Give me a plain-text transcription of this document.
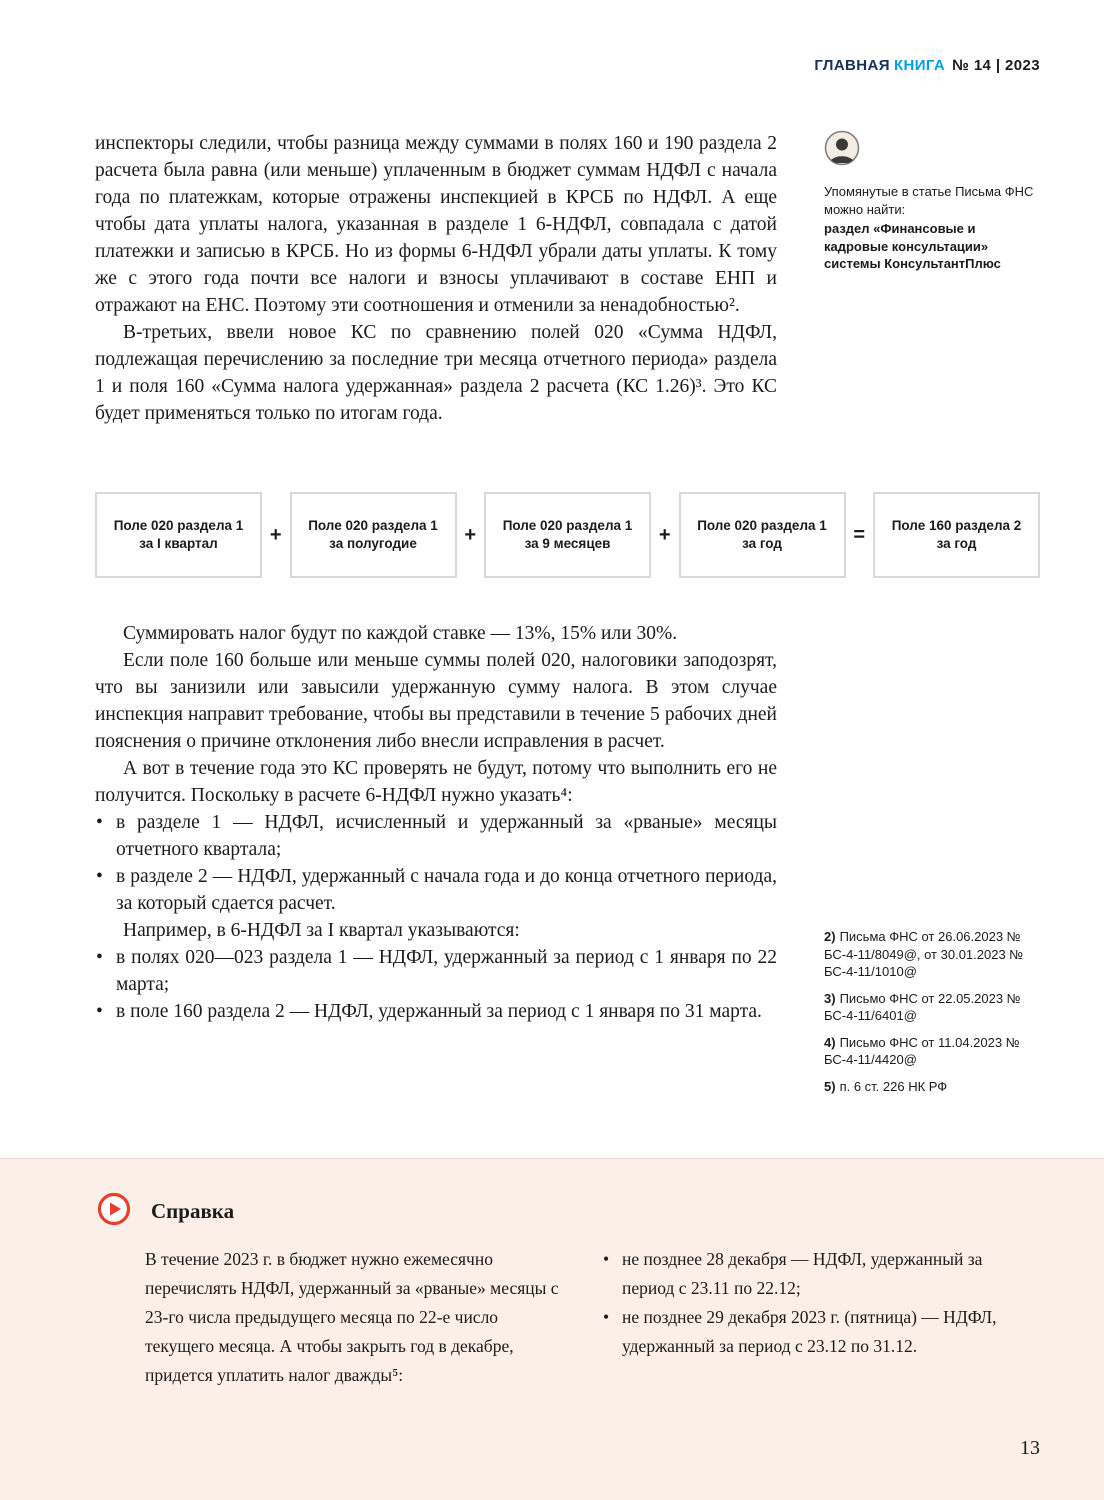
ГЛАВНАЯ КНИГА № 14 | 2023

инспекторы следили, чтобы разница между суммами в полях 160 и 190 раздела 2 расчета была равна (или меньше) уплаченным в бюджет суммам НДФЛ с начала года по платежкам, которые отражены инспекцией в КРСБ по НДФЛ. А еще чтобы дата уплаты налога, указанная в разделе 1 6-НДФЛ, совпадала с датой платежки и записью в КРСБ. Но из формы 6-НДФЛ убрали даты уплаты. К тому же с этого года почти все налоги и взносы уплачивают в составе ЕНП и отражают на ЕНС. Поэтому эти соотношения и отменили за ненадобностью².

В-третьих, ввели новое КС по сравнению полей 020 «Сумма НДФЛ, подлежащая перечислению за последние три месяца отчетного периода» раздела 1 и поля 160 «Сумма налога удержанная» раздела 2 расчета (КС 1.26)³. Это КС будет применяться только по итогам года.

Упомянутые в статье Письма ФНС можно найти:
раздел «Финансовые и кадровые консультации» системы КонсультантПлюс
Поле 020 раздела 1
за I квартал	+	Поле 020 раздела 1
за полугодие	+	Поле 020 раздела 1
за 9 месяцев	+	Поле 020 раздела 1
за год	=	Поле 160 раздела 2
за год

Суммировать налог будут по каждой ставке — 13%, 15% или 30%.

Если поле 160 больше или меньше суммы полей 020, налоговики заподозрят, что вы занизили или завысили удержанную сумму налога. В этом случае инспекция направит требование, чтобы вы представили в течение 5 рабочих дней пояснения о причине отклонения либо внесли исправления в расчет.

А вот в течение года это КС проверять не будут, потому что выполнить его не получится. Поскольку в расчете 6-НДФЛ нужно указать⁴:

• в разделе 1 — НДФЛ, исчисленный и удержанный за «рваные» месяцы отчетного квартала;
• в разделе 2 — НДФЛ, удержанный с начала года и до конца отчетного периода, за который сдается расчет.

Например, в 6-НДФЛ за I квартал указываются:

• в полях 020—023 раздела 1 — НДФЛ, удержанный за период с 1 января по 22 марта;
• в поле 160 раздела 2 — НДФЛ, удержанный за период с 1 января по 31 марта.
2) Письма ФНС от 26.06.2023 № БС-4-11/8049@, от 30.01.2023 № БС-4-11/1010@
3) Письмо ФНС от 22.05.2023 № БС-4-11/6401@
4) Письмо ФНС от 11.04.2023 № БС-4-11/4420@
5) п. 6 ст. 226 НК РФ
Справка
В течение 2023 г. в бюджет нужно ежемесячно перечислять НДФЛ, удержанный за «рваные» месяцы с 23-го числа предыдущего месяца по 22-е число текущего месяца. А чтобы закрыть год в декабре, придется уплатить налог дважды⁵:
• не позднее 28 декабря — НДФЛ, удержанный за период с 23.11 по 22.12;
• не позднее 29 декабря 2023 г. (пятница) — НДФЛ, удержанный за период с 23.12 по 31.12.
13
